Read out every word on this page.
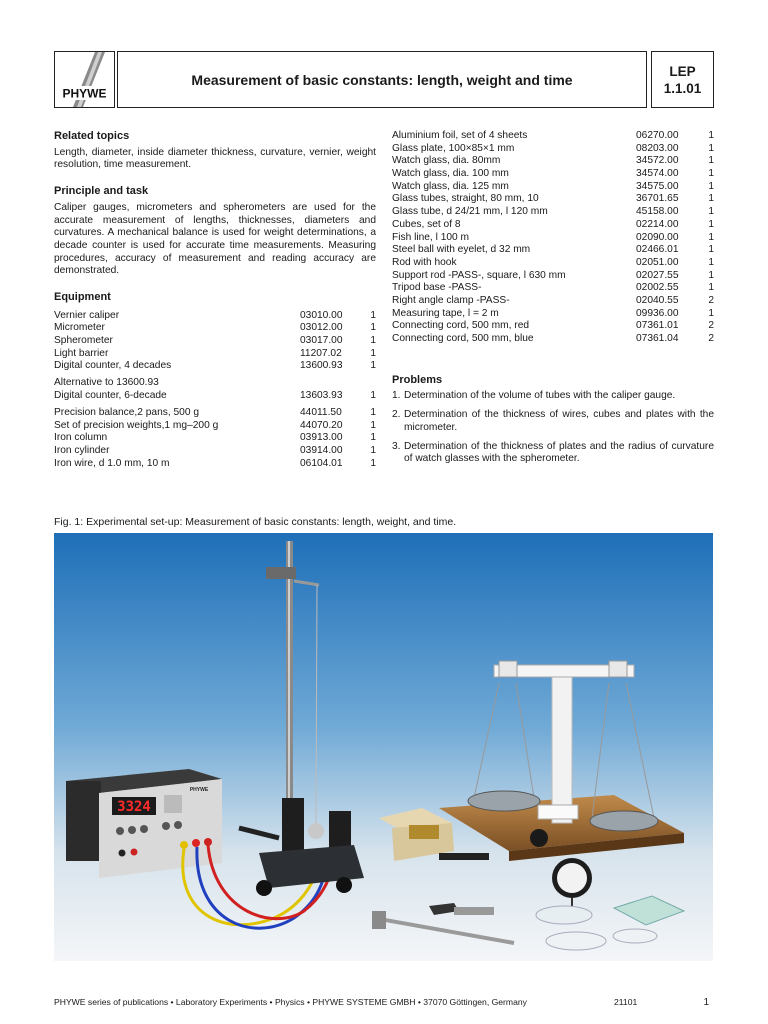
PHYWE
Measurement of basic constants: length, weight and time
LEP
1.1.01
Related topics

Length, diameter, inside diameter thickness, curvature, vernier, weight resolution, time measurement.

Principle and task

Caliper gauges, micrometers and spherometers are used for the accurate measurement of lengths, thicknesses, diameters and curvatures. A mechanical balance is used for weight determinations, a decade counter is used for accurate time measurements. Measuring procedures, accuracy of measurement and reading accuracy are demonstrated.

Equipment
Vernier caliper	03010.00	1
Micrometer	03012.00	1
Spherometer	03017.00	1
Light barrier	11207.02	1
Digital counter, 4 decades	13600.93	1
Alternative to 13600.93
Digital counter, 6-decade	13603.93	1
Precision balance,2 pans, 500 g	44011.50	1
Set of precision weights,1 mg–200 g	44070.20	1
Iron column	03913.00	1
Iron cylinder	03914.00	1
Iron wire, d 1.0 mm, 10 m	06104.01	1
Aluminium foil, set of 4 sheets	06270.00	1
Glass plate, 100×85×1 mm	08203.00	1
Watch glass, dia. 80mm	34572.00	1
Watch glass, dia. 100 mm	34574.00	1
Watch glass, dia. 125 mm	34575.00	1
Glass tubes, straight, 80 mm, 10	36701.65	1
Glass tube, d 24/21 mm, l 120 mm	45158.00	1
Cubes, set of 8	02214.00	1
Fish line, l 100 m	02090.00	1
Steel ball with eyelet, d 32 mm	02466.01	1
Rod with hook	02051.00	1
Support rod -PASS-, square, l 630 mm	02027.55	1
Tripod base -PASS-	02002.55	1
Right angle clamp -PASS-	02040.55	2
Measuring tape, l = 2 m	09936.00	1
Connecting cord, 500 mm, red	07361.01	2
Connecting cord, 500 mm, blue	07361.04	2
Problems
1. Determination of the volume of tubes with the caliper gauge.
2. Determination of the thickness of wires, cubes and plates with the micrometer.
3. Determination of the thickness of plates and the radius of curvature of watch glasses with the spherometer.
Fig. 1: Experimental set-up: Measurement of basic constants: length, weight, and time.
3324
PHYWE
PHYWE series of publications • Laboratory Experiments • Physics • PHYWE SYSTEME GMBH • 37070 Göttingen, Germany	21101	1
